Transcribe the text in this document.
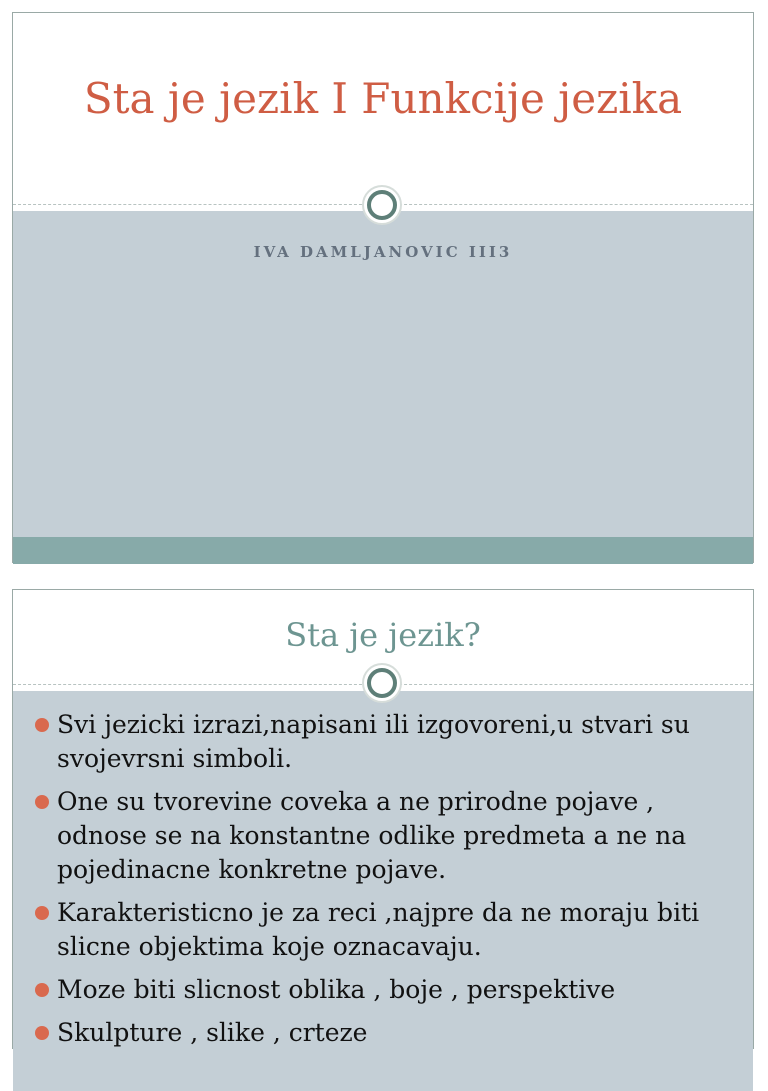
Sta je jezik I Funkcije jezika
IVA DAMLJANOVIC III3
Sta je jezik?
Svi jezicki izrazi,napisani ili izgovoreni,u stvari su svojevrsni simboli.
One su tvorevine coveka a ne prirodne pojave , odnose se na konstantne odlike predmeta a ne na pojedinacne konkretne pojave.
Karakteristicno je za reci ,najpre da ne moraju biti slicne objektima koje oznacavaju.
Moze biti slicnost oblika , boje , perspektive
Skulpture , slike , crteze
